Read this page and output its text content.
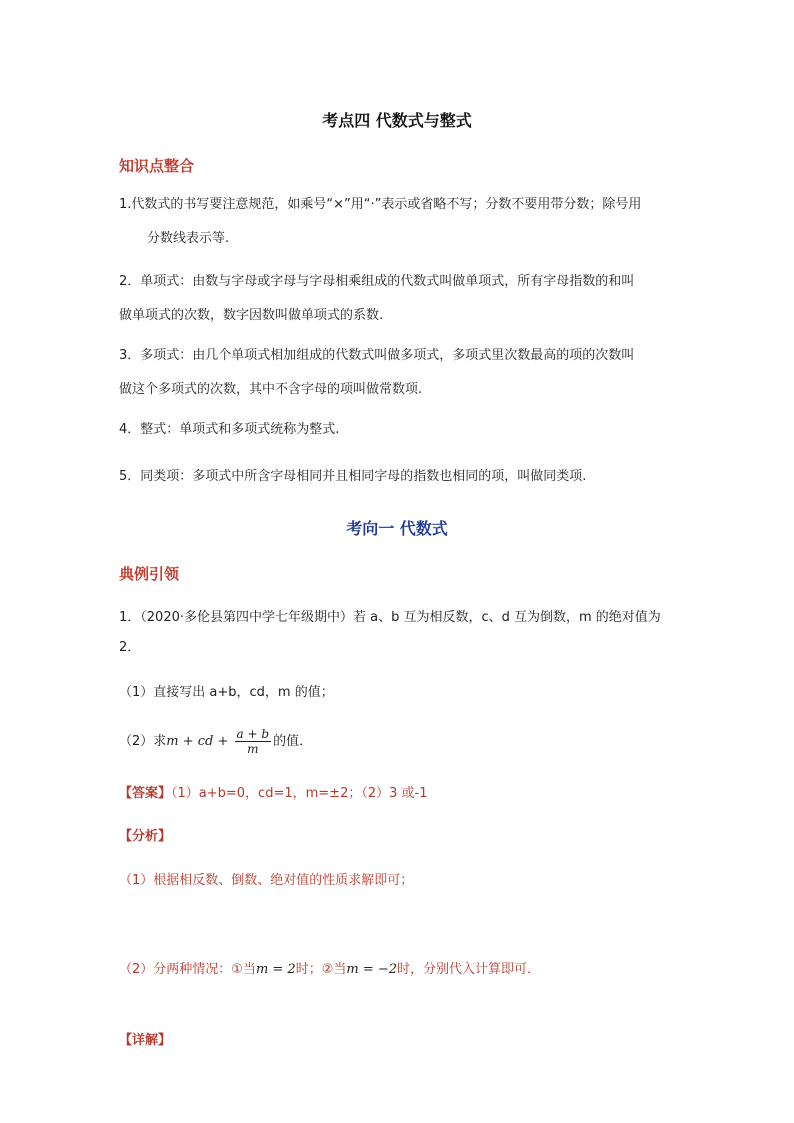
考点四 代数式与整式
知识点整合
1.代数式的书写要注意规范，如乘号“×”用“·”表示或省略不写；分数不要用带分数；除号用
分数线表示等.
2．单项式：由数与字母或字母与字母相乘组成的代数式叫做单项式，所有字母指数的和叫
做单项式的次数，数字因数叫做单项式的系数.
3．多项式：由几个单项式相加组成的代数式叫做多项式，多项式里次数最高的项的次数叫
做这个多项式的次数，其中不含字母的项叫做常数项.
4．整式：单项式和多项式统称为整式.
5．同类项：多项式中所含字母相同并且相同字母的指数也相同的项，叫做同类项.
考向一 代数式
典例引领
1．（2020·多伦县第四中学七年级期中）若 a、b 互为相反数，c、d 互为倒数，m 的绝对值为
2．
（1）直接写出 a+b，cd，m 的值；
（2）求m + cd + $\frac{a + b}{m}$ 的值．
【答案】（1）a+b=0，cd=1，m=±2；（2）3 或-1
【分析】
（1）根据相反数、倒数、绝对值的性质求解即可；
（2）分两种情况：①当m = 2时；②当m = −2时，分别代入计算即可．
【详解】
